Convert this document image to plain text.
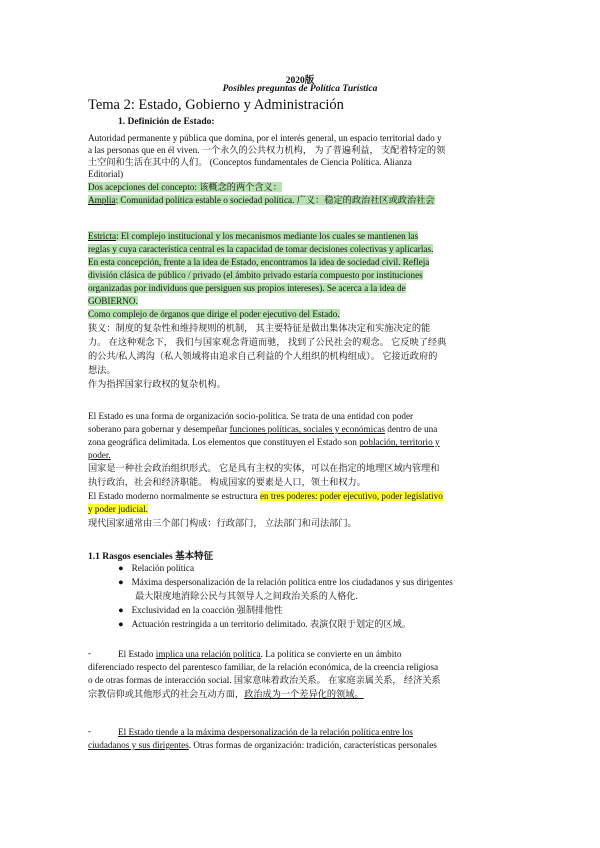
2020版
Posibles preguntas de Política Turística
Tema 2: Estado, Gobierno y Administración
1. Definición de Estado:
Autoridad permanente y pública que domina, por el interés general, un espacio territorial dado y
a las personas que en él viven. 一个永久的公共权力机构， 为了普遍利益， 支配着特定的领
土空间和生活在其中的人们。 (Conceptos fundamentales de Ciencia Política. Alianza
Editorial)
Dos acepciones del concepto: 该概念的两个含义：
Amplia: Comunidad política estable o sociedad política. 广义：稳定的政治社区或政治社会
Estricta: El complejo institucional y los mecanismos mediante los cuales se mantienen las
reglas y cuya característica central es la capacidad de tomar decisiones colectivas y aplicarlas.
En esta concepción, frente a la idea de Estado, encontramos la idea de sociedad civil. Refleja
división clásica de público / privado (el ámbito privado estaría compuesto por instituciones
organizadas por individuos que persiguen sus propios intereses). Se acerca a la idea de
GOBIERNO.
Como complejo de órganos que dirige el poder ejecutivo del Estado.
狭义：制度的复杂性和维持规则的机制， 其主要特征是做出集体决定和实施决定的能
力。 在这种观念下， 我们与国家观念背道而驰， 找到了公民社会的观念。 它反映了经典
的公共/私人鸿沟（私人领域将由追求自己利益的个人组织的机构组成）。 它接近政府的
想法。
作为指挥国家行政权的复杂机构。
El Estado es una forma de organización socio-política. Se trata de una entidad con poder
soberano para gobernar y desempeñar funciones políticas, sociales y económicas dentro de una
zona geográfica delimitada. Los elementos que constituyen el Estado son población, territorio y
poder.
国家是一种社会政治组织形式。 它是具有主权的实体，可以在指定的地理区域内管理和
执行政治，社会和经济职能。 构成国家的要素是人口，领土和权力。
El Estado moderno normalmente se estructura en tres poderes: poder ejecutivo, poder legislativo
y poder judicial.
现代国家通常由三个部门构成：行政部门， 立法部门和司法部门。
1.1 Rasgos esenciales 基本特征
● Relación política
● Máxima despersonalización de la relación política entre los ciudadanos y sus dirigentes
最大限度地消除公民与其领导人之间政治关系的人格化.
● Exclusividad en la coacción 强制排他性
● Actuación restringida a un territorio delimitado. 表演仅限于划定的区域。
-	El Estado implica una relación política. La política se convierte en un ámbito
diferenciado respecto del parentesco familiar, de la relación económica, de la creencia religiosa
o de otras formas de interacción social. 国家意味着政治关系。 在家庭亲属关系， 经济关系
宗教信仰或其他形式的社会互动方面，政治成为一个差异化的领域。
-	El Estado tiende a la máxima despersonalización de la relación política entre los
ciudadanos y sus dirigentes. Otras formas de organización: tradición, características personales
